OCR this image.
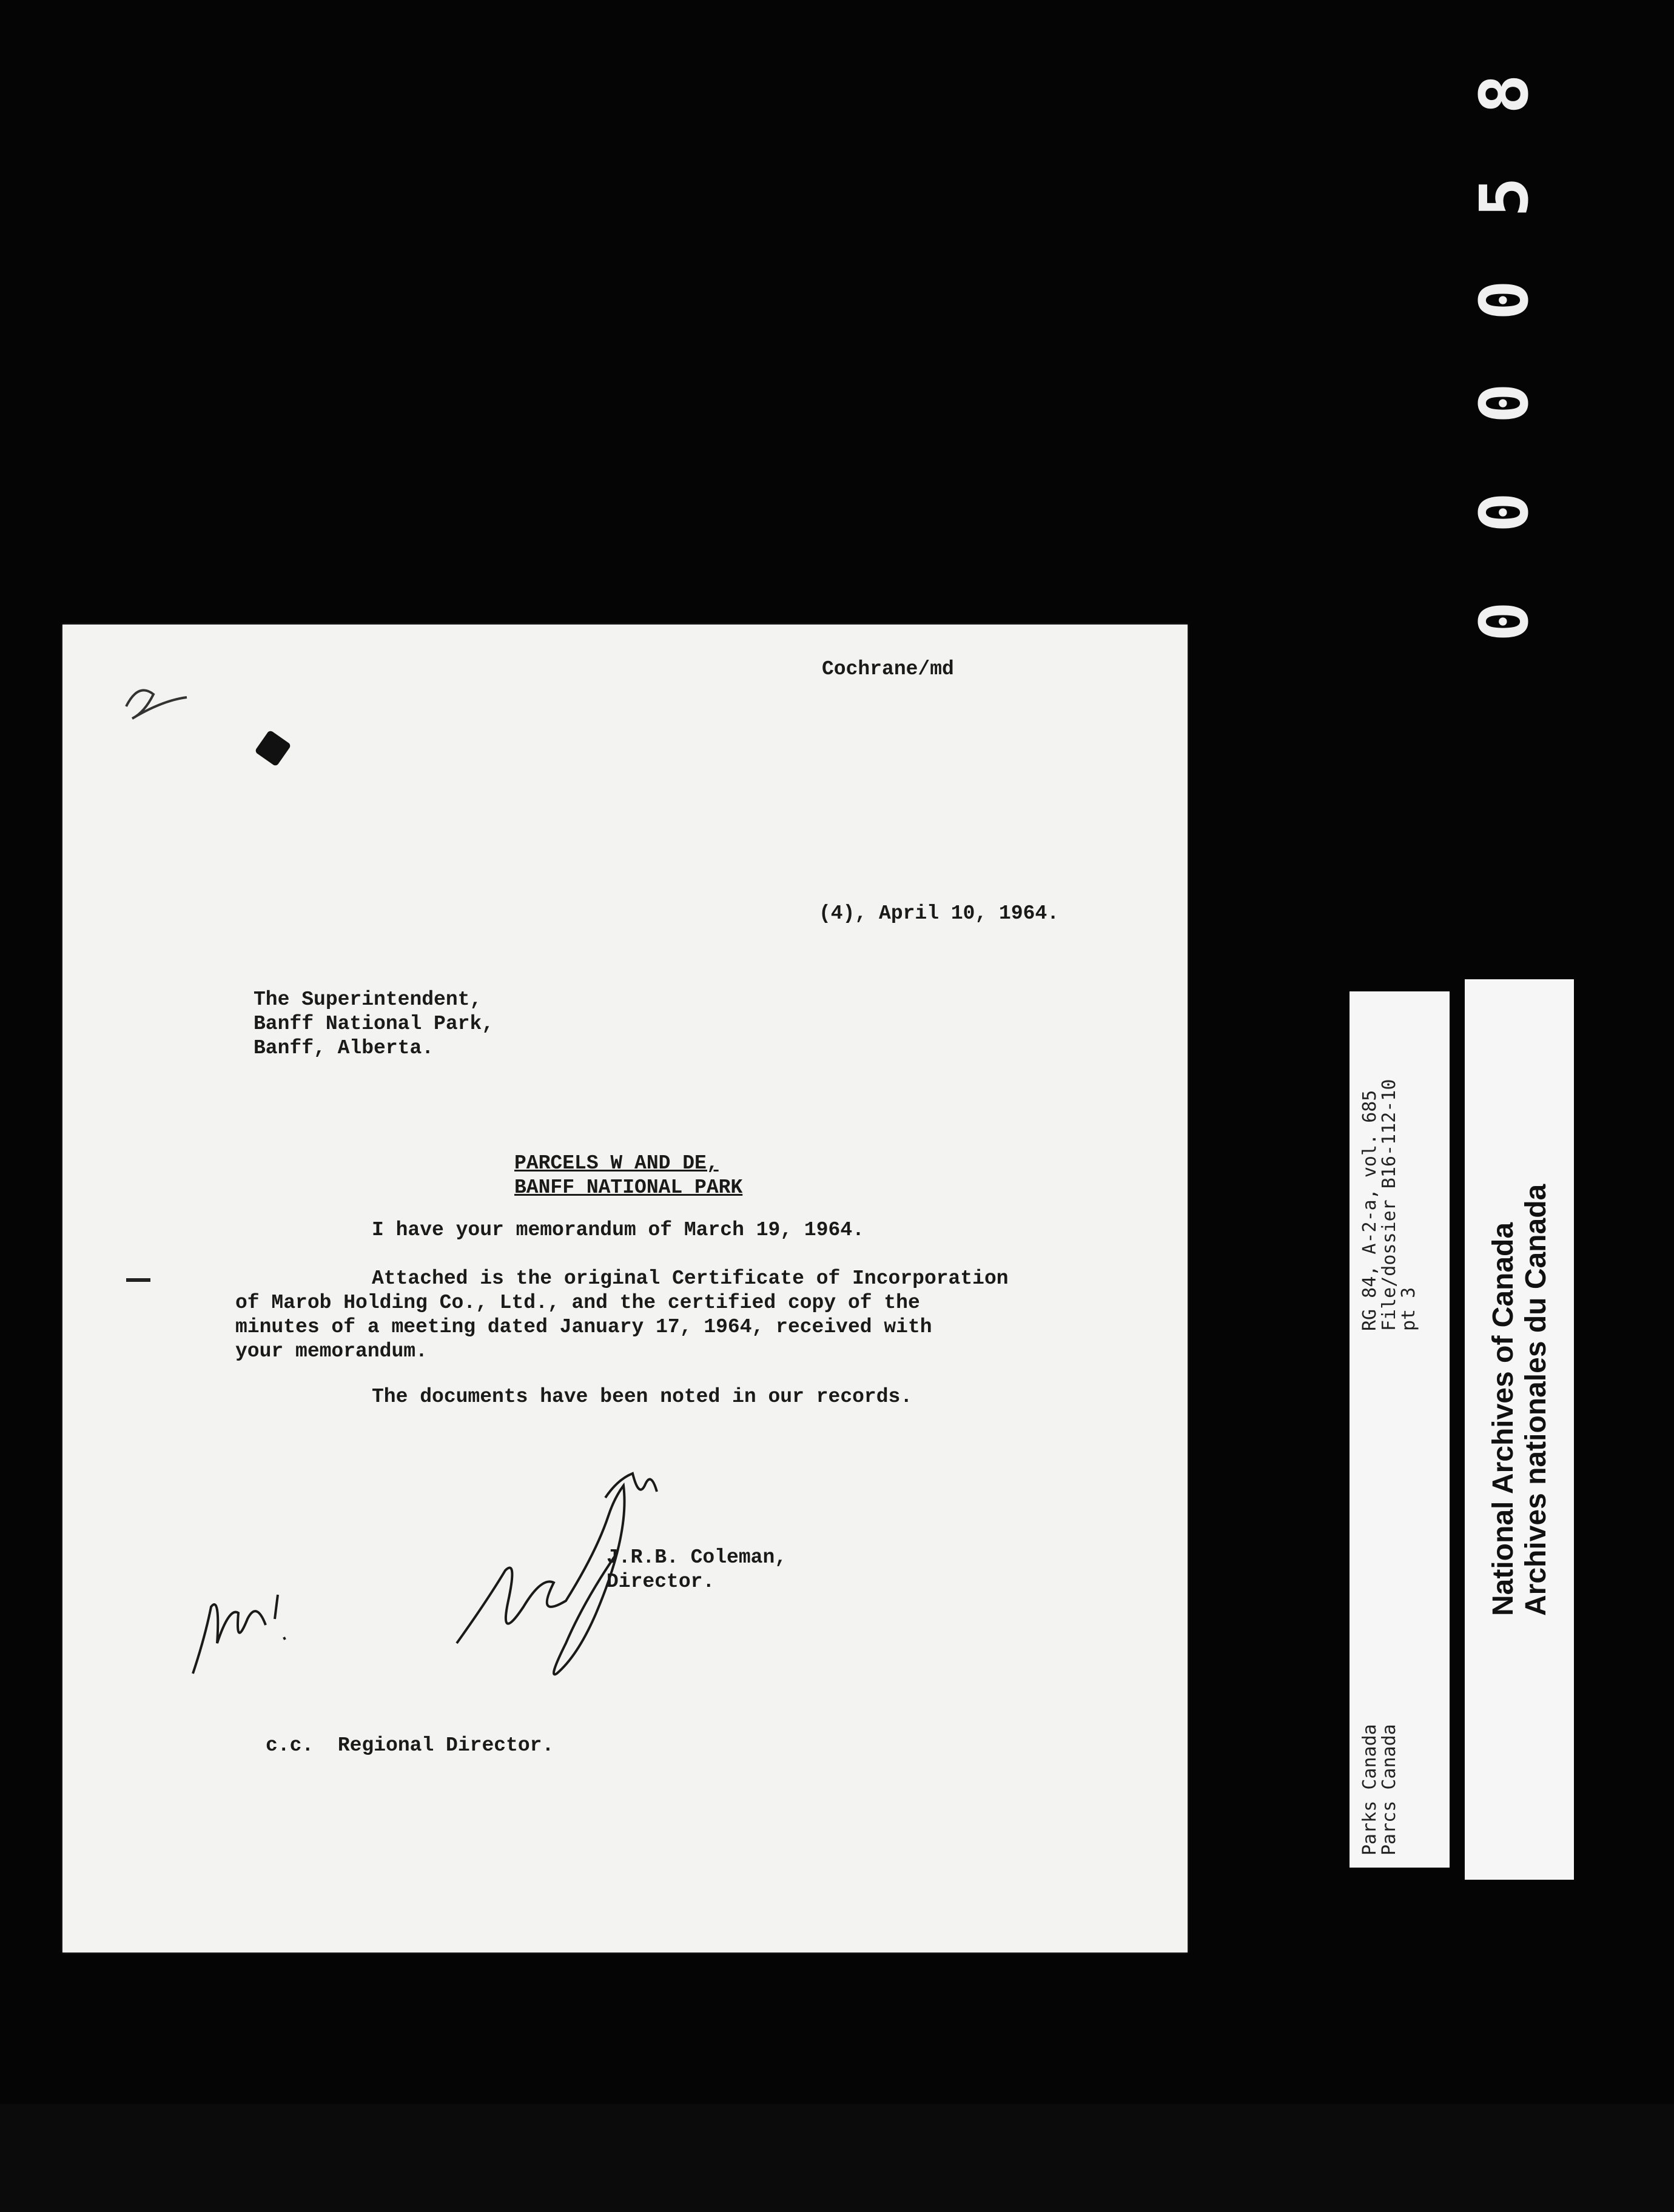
0
0
0
0
5
8
Cochrane/md
(4), April 10, 1964.
The Superintendent,
Banff National Park,
Banff, Alberta.
PARCELS W AND DE,
BANFF NATIONAL PARK
I have your memorandum of March 19, 1964.
Attached is the original Certificate of Incorporation
of Marob Holding Co., Ltd., and the certified copy of the
minutes of a meeting dated January 17, 1964, received with
your memorandum.
The documents have been noted in our records.
J.R.B. Coleman,
Director.
c.c.  Regional Director.	Parks Canada
Parcs Canada
RG 84, A-2-a, vol. 685
File/dossier B16-112-10
pt 3 National Archives of Canada Archives nationales du Canada
